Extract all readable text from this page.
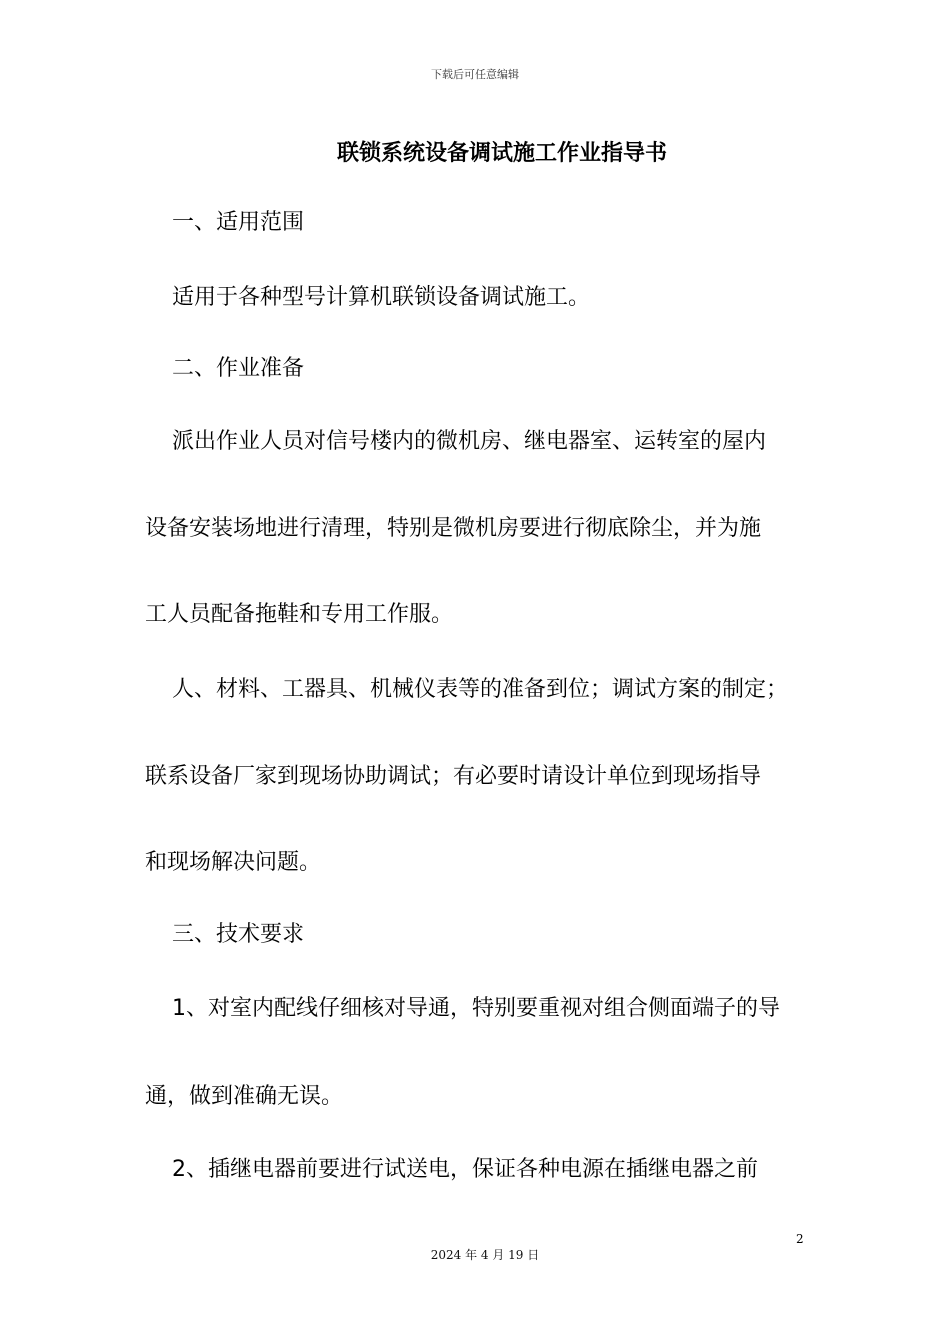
下载后可任意编辑
联锁系统设备调试施工作业指导书
一、适用范围
适用于各种型号计算机联锁设备调试施工。
二、作业准备
派出作业人员对信号楼内的微机房、继电器室、运转室的屋内
设备安装场地进行清理，特别是微机房要进行彻底除尘，并为施
工人员配备拖鞋和专用工作服。
人、材料、工器具、机械仪表等的准备到位；调试方案的制定；
联系设备厂家到现场协助调试；有必要时请设计单位到现场指导
和现场解决问题。
三、技术要求
1、对室内配线仔细核对导通，特别要重视对组合侧面端子的导
通，做到准确无误。
2、插继电器前要进行试送电，保证各种电源在插继电器之前
2
2024 年 4 月 19 日
